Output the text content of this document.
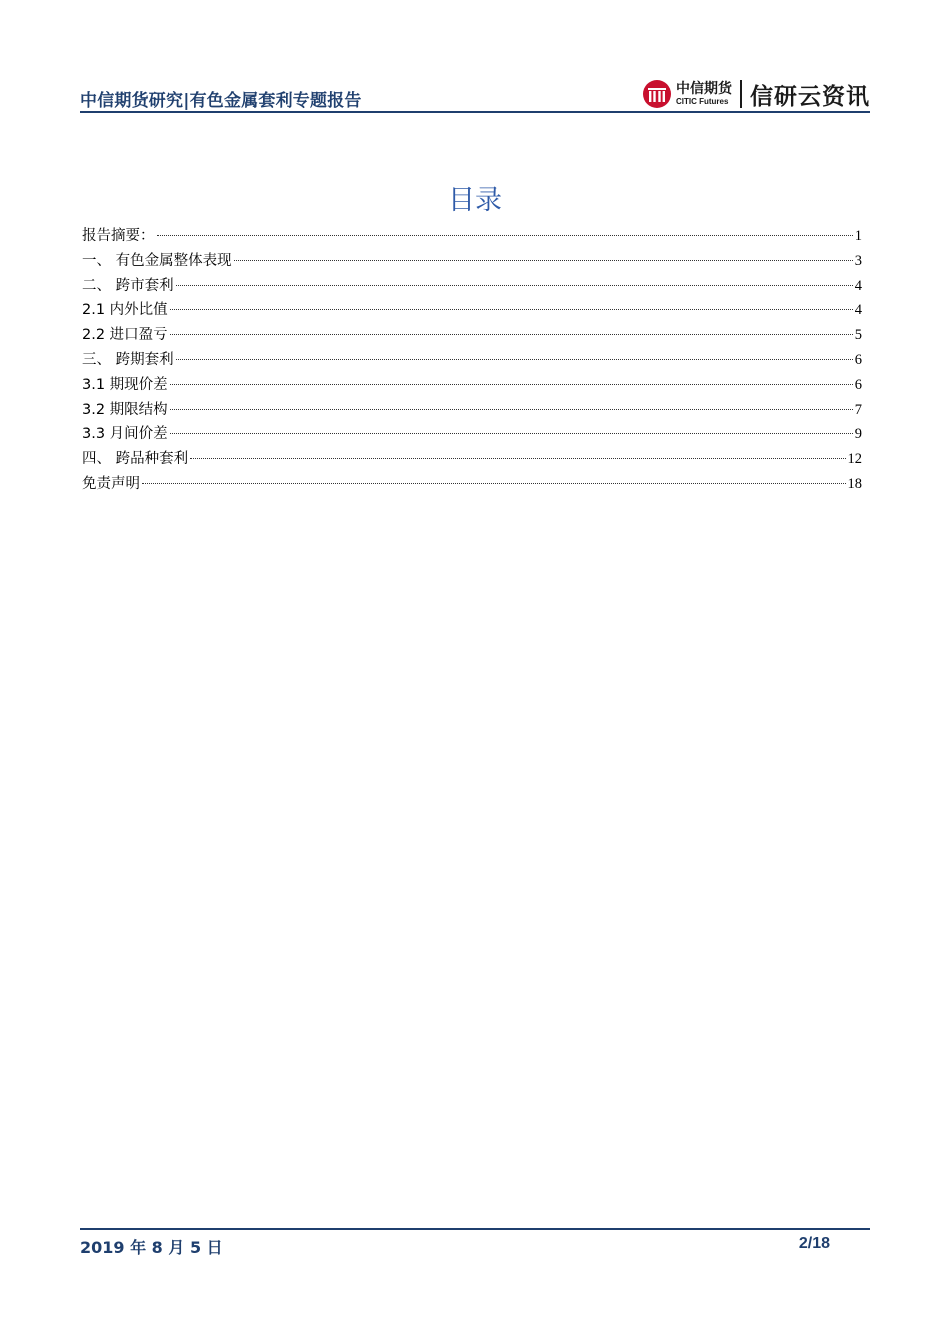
中信期货研究|有色金属套利专题报告
中信期货
CITIC Futures 信研云资讯
目录
报告摘要：	1
一、 有色金属整体表现	3
二、 跨市套利	4
2.1 内外比值	4
2.2 进口盈亏	5
三、 跨期套利	6
3.1 期现价差	6
3.2 期限结构	7
3.3 月间价差	9
四、 跨品种套利	12
免责声明	18
2019 年 8 月 5 日	2/18
